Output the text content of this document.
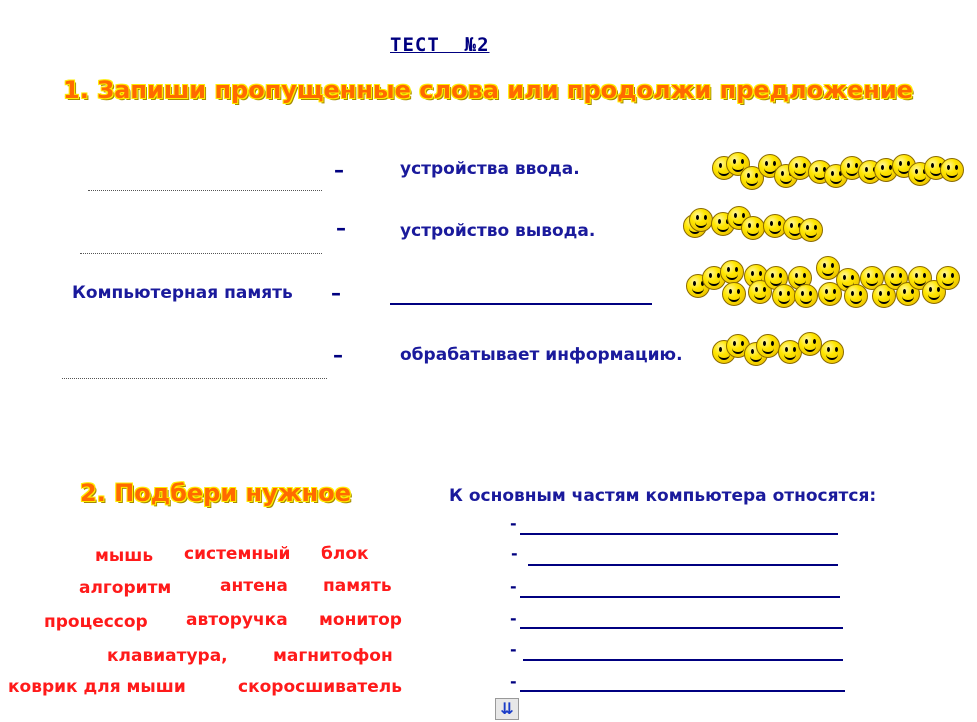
ТЕСТ  №2
1. Запиши пропущенные слова или продолжи предложение
–	устройства ввода.
–	устройство вывода.
Компьютерная память –
–	обрабатывает информацию.
2. Подбери нужное
мышь системный блок
алгоритм	антена память
процессор авторучка монитор
клавиатура,	магнитофон
коврик для мыши	скоросшиватель
К основным частям компьютера относятся:
-
-
-
-
-
-
⇊
